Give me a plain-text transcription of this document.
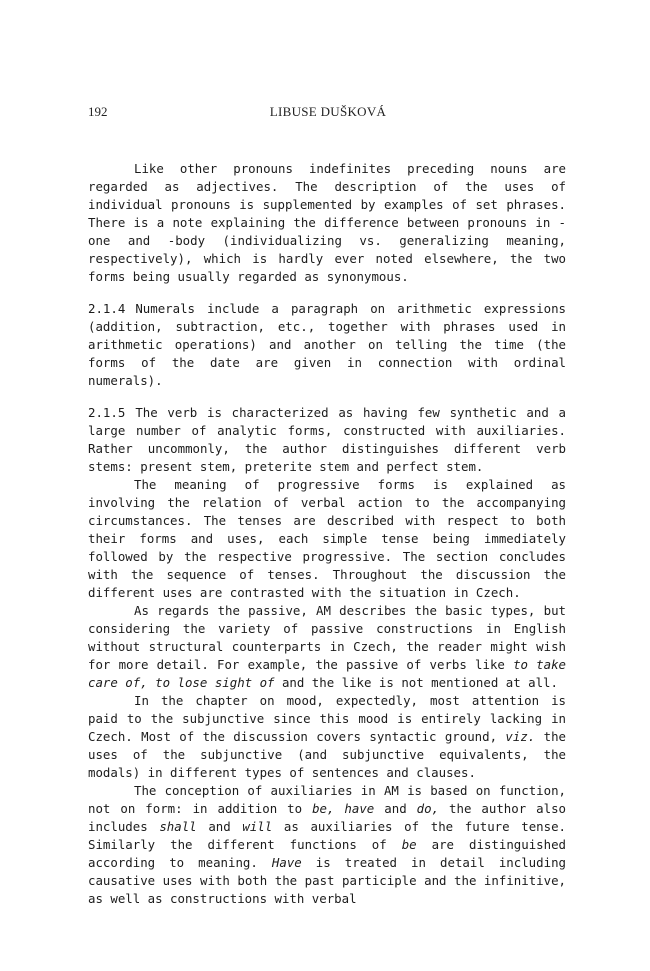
192	LIBUSE DUŠKOVÁ

Like other pronouns indefinites preceding nouns are regarded as adjectives. The description of the uses of individual pronouns is supplemented by examples of set phrases. There is a note explaining the difference between pronouns in -one and -body (individualizing vs. generalizing meaning, respectively), which is hardly ever noted elsewhere, the two forms being usually regarded as synonymous.

2.1.4 Numerals include a paragraph on arithmetic expressions (addition, subtraction, etc., together with phrases used in arithmetic operations) and another on telling the time (the forms of the date are given in connection with ordinal numerals).

2.1.5 The verb is characterized as having few synthetic and a large number of analytic forms, constructed with auxiliaries. Rather uncommonly, the author distinguishes different verb stems: present stem, preterite stem and perfect stem.

The meaning of progressive forms is explained as involving the relation of verbal action to the accompanying circumstances. The tenses are described with respect to both their forms and uses, each simple tense being immediately followed by the respective progressive. The section concludes with the sequence of tenses. Throughout the discussion the different uses are contrasted with the situation in Czech.

As regards the passive, AM describes the basic types, but considering the variety of passive constructions in English without structural counterparts in Czech, the reader might wish for more detail. For example, the passive of verbs like to take care of, to lose sight of and the like is not mentioned at all.

In the chapter on mood, expectedly, most attention is paid to the subjunctive since this mood is entirely lacking in Czech. Most of the discussion covers syntactic ground, viz. the uses of the subjunctive (and subjunctive equivalents, the modals) in different types of sentences and clauses.

The conception of auxiliaries in AM is based on function, not on form: in addition to be, have and do, the author also includes shall and will as auxiliaries of the future tense. Similarly the different functions of be are distinguished according to meaning. Have is treated in detail including causative uses with both the past participle and the infinitive, as well as constructions with verbal
